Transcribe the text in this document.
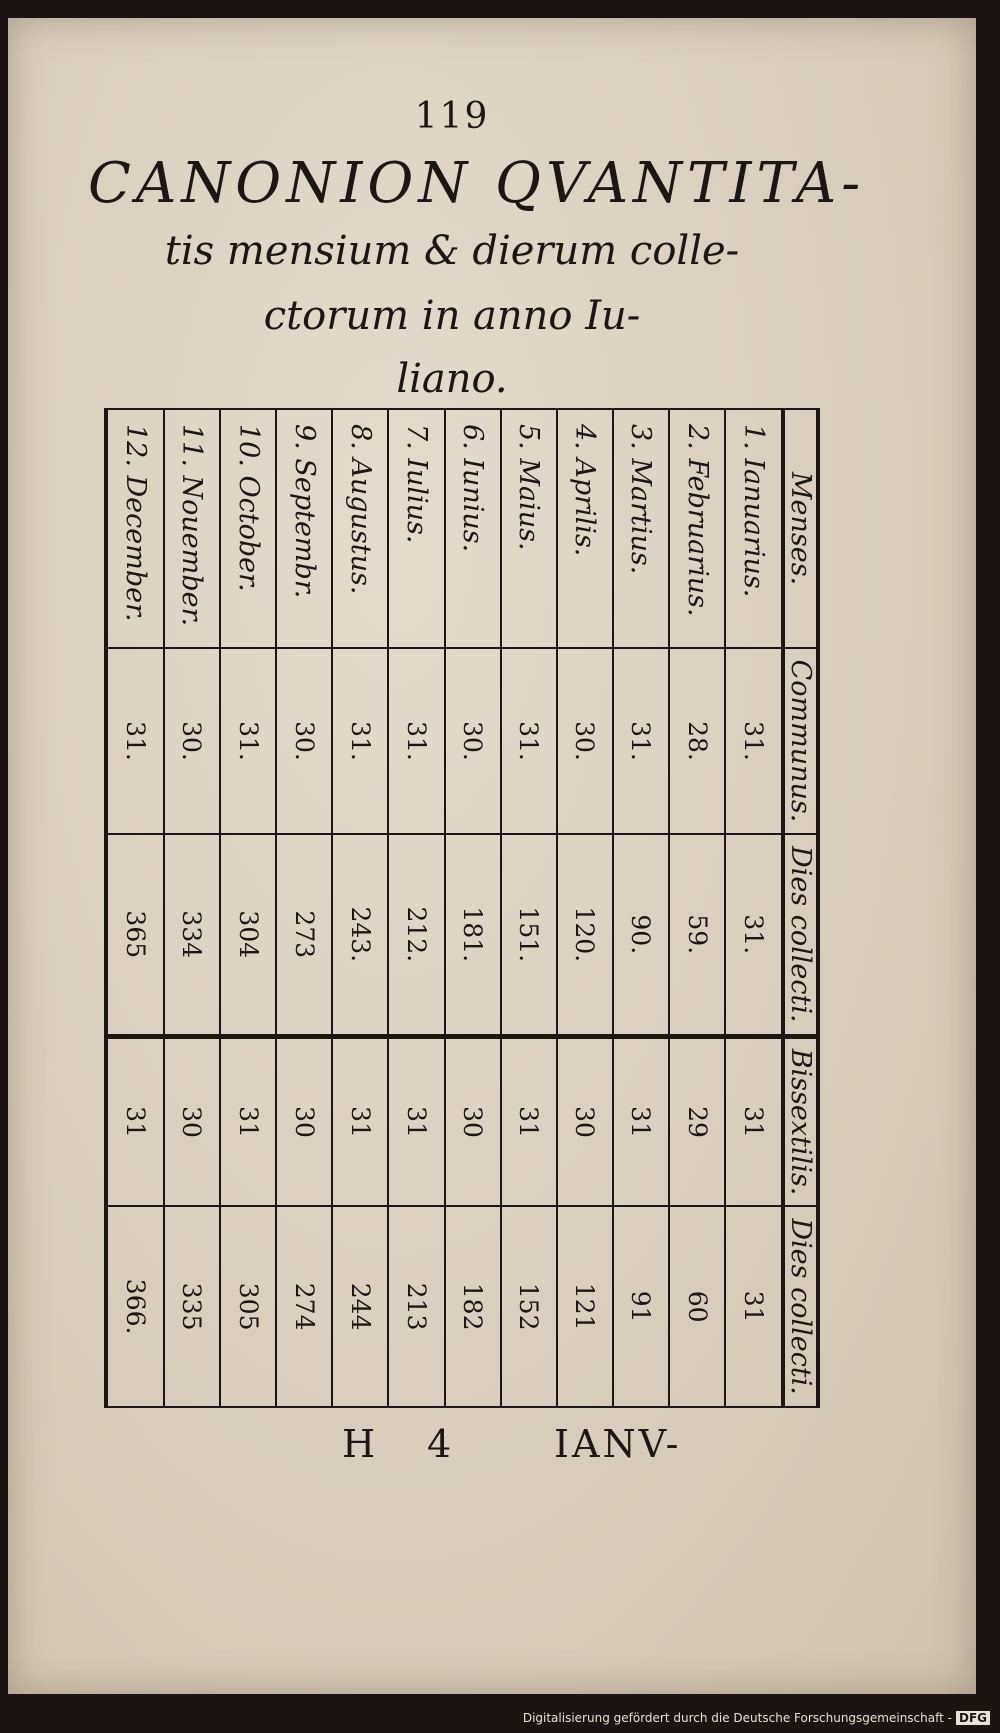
119
CANONION QVANTITA-
tis mensium & dierum colle-
ctorum in anno Iu-
liano.
Menses.	Communus.	Dies collecti.	Bissextilis.	Dies collecti.
1. Ianuarius.	31.	31.	31	31
2. Februarius.	28.	59.	29	60
3. Martius.	31.	90.	31	91
4. Aprilis.	30.	120.	30	121
5. Maius.	31.	151.	31	152
6. Iunius.	30.	181.	30	182
7. Iulius.	31.	212.	31	213
8. Augustus.	31.	243.	31	244
9. Septembr.	30.	273	30	274
10. October.	31.	304	31	305
11. Nouember.	30.	334	30	335
12. December.	31.	365	31	366.
H 4	IANV-
Digitalisierung gefördert durch die Deutsche Forschungsgemeinschaft - DFG
